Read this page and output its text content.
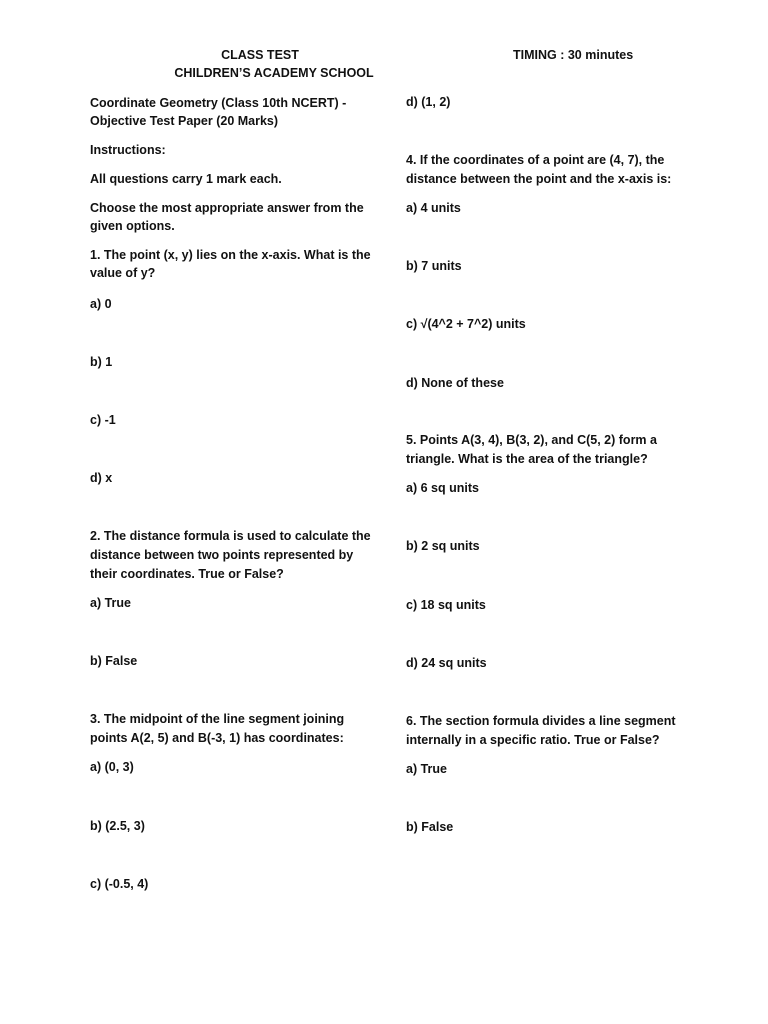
CLASS TEST
CHILDREN’S ACADEMY SCHOOL
TIMING : 30 minutes
Coordinate Geometry (Class 10th NCERT) -
Objective Test Paper (20 Marks)
Instructions:
All questions carry 1 mark each.
Choose the most appropriate answer from the
given options.
1. The point (x, y) lies on the x-axis. What is the
value of y?
a) 0
b) 1
c) -1
d) x
2. The distance formula is used to calculate the
distance between two points represented by
their coordinates. True or False?
a) True
b) False
3. The midpoint of the line segment joining
points A(2, 5) and B(-3, 1) has coordinates:
a) (0, 3)
b) (2.5, 3)
c) (-0.5, 4)
d) (1, 2)
4. If the coordinates of a point are (4, 7), the
distance between the point and the x-axis is:
a) 4 units
b) 7 units
c) √(4^2 + 7^2) units
d) None of these
5. Points A(3, 4), B(3, 2), and C(5, 2) form a
triangle. What is the area of the triangle?
a) 6 sq units
b) 2 sq units
c) 18 sq units
d) 24 sq units
6. The section formula divides a line segment
internally in a specific ratio. True or False?
a) True
b) False
